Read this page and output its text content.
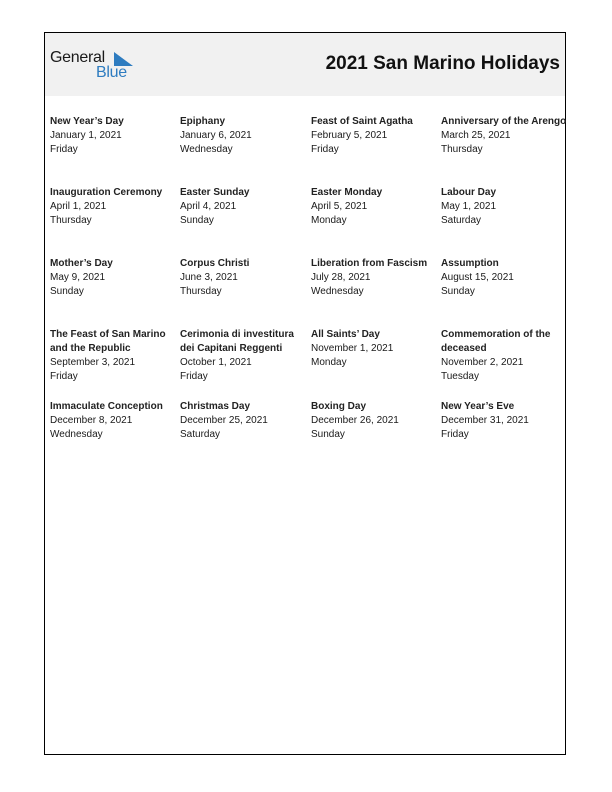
General
Blue	2021 San Marino Holidays
New Year’s Day
January 1, 2021
Friday
Epiphany
January 6, 2021
Wednesday
Feast of Saint Agatha
February 5, 2021
Friday
Anniversary of the Arengo
March 25, 2021
Thursday
Inauguration Ceremony
April 1, 2021
Thursday
Easter Sunday
April 4, 2021
Sunday
Easter Monday
April 5, 2021
Monday
Labour Day
May 1, 2021
Saturday
Mother’s Day
May 9, 2021
Sunday
Corpus Christi
June 3, 2021
Thursday
Liberation from Fascism
July 28, 2021
Wednesday
Assumption
August 15, 2021
Sunday
The Feast of San Marino and the Republic
September 3, 2021
Friday
Cerimonia di investitura dei Capitani Reggenti
October 1, 2021
Friday
All Saints’ Day
November 1, 2021
Monday
Commemoration of the deceased
November 2, 2021
Tuesday
Immaculate Conception
December 8, 2021
Wednesday
Christmas Day
December 25, 2021
Saturday
Boxing Day
December 26, 2021
Sunday
New Year’s Eve
December 31, 2021
Friday
